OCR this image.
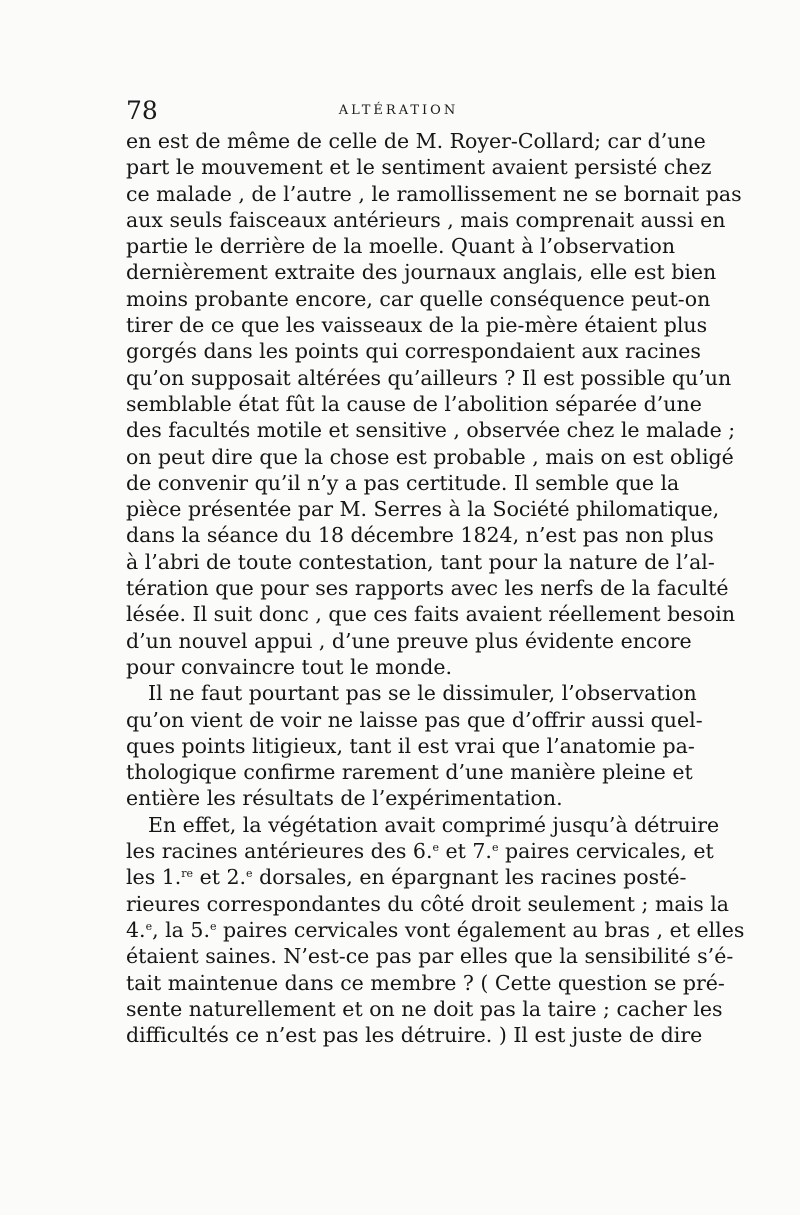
78	ALTÉRATION
en est de même de celle de M. Royer-Collard; car d’une
part le mouvement et le sentiment avaient persisté chez
ce malade , de l’autre , le ramollissement ne se bornait pas
aux seuls faisceaux antérieurs , mais comprenait aussi en
partie le derrière de la moelle. Quant à l’observation
dernièrement extraite des journaux anglais, elle est bien
moins probante encore, car quelle conséquence peut-on
tirer de ce que les vaisseaux de la pie-mère étaient plus
gorgés dans les points qui correspondaient aux racines
qu’on supposait altérées qu’ailleurs ? Il est possible qu’un
semblable état fût la cause de l’abolition séparée d’une
des facultés motile et sensitive , observée chez le malade ;
on peut dire que la chose est probable , mais on est obligé
de convenir qu’il n’y a pas certitude. Il semble que la
pièce présentée par M. Serres à la Société philomatique,
dans la séance du 18 décembre 1824, n’est pas non plus
à l’abri de toute contestation, tant pour la nature de l’al-
tération que pour ses rapports avec les nerfs de la faculté
lésée. Il suit donc , que ces faits avaient réellement besoin
d’un nouvel appui , d’une preuve plus évidente encore
pour convaincre tout le monde.
Il ne faut pourtant pas se le dissimuler, l’observation
qu’on vient de voir ne laisse pas que d’offrir aussi quel-
ques points litigieux, tant il est vrai que l’anatomie pa-
thologique confirme rarement d’une manière pleine et
entière les résultats de l’expérimentation.
En effet, la végétation avait comprimé jusqu’à détruire
les racines antérieures des 6.$^e$ et 7.$^e$ paires cervicales, et
les 1.$^{re}$ et 2.$^e$ dorsales, en épargnant les racines posté-
rieures correspondantes du côté droit seulement ; mais la
4.$^e$, la 5.$^e$ paires cervicales vont également au bras , et elles
étaient saines. N’est-ce pas par elles que la sensibilité s’é-
tait maintenue dans ce membre ? ( Cette question se pré-
sente naturellement et on ne doit pas la taire ; cacher les
difficultés ce n’est pas les détruire. ) Il est juste de dire
